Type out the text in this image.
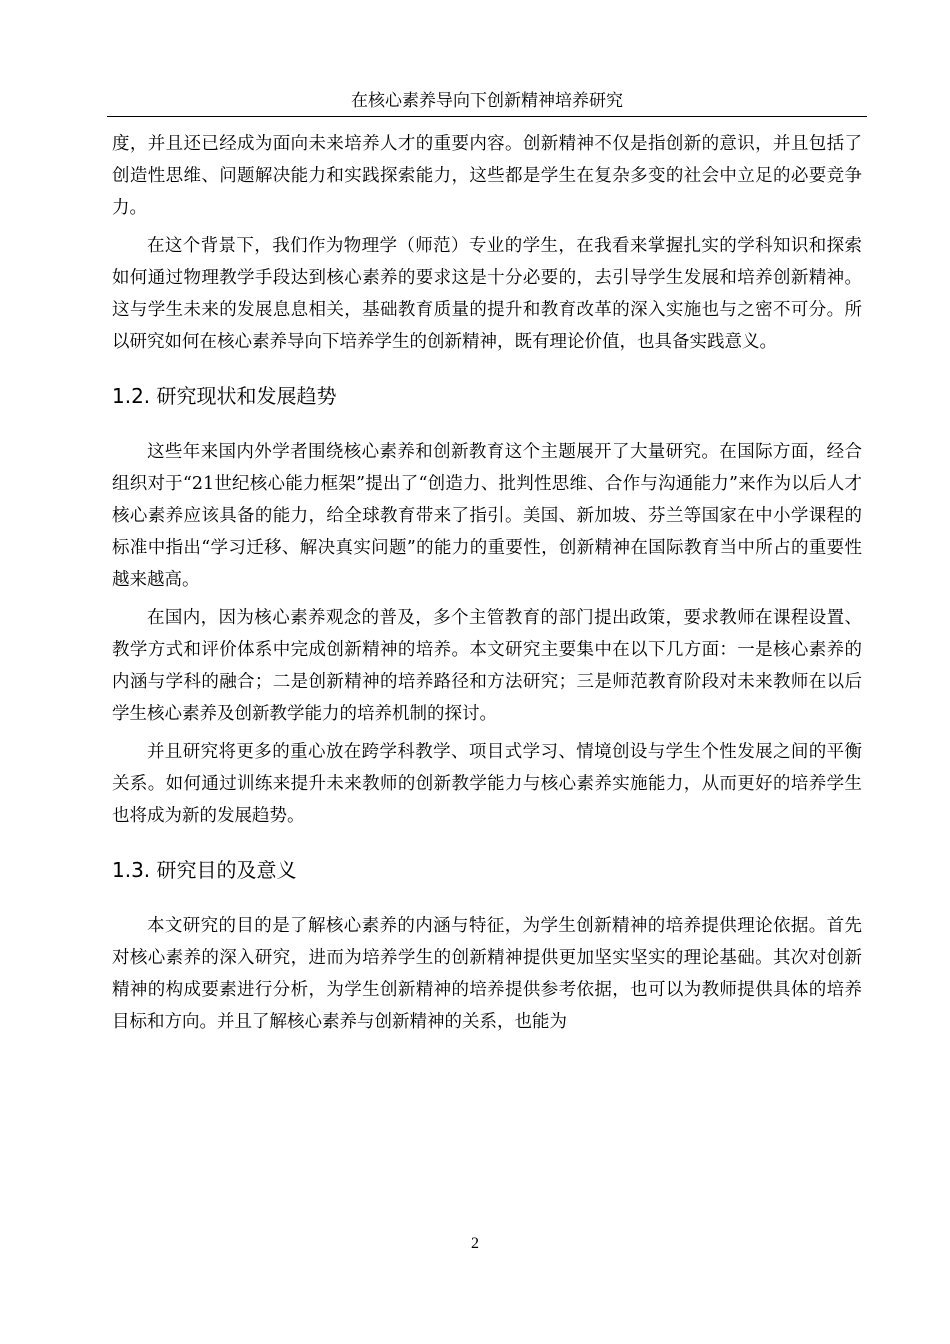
在核心素养导向下创新精神培养研究

度，并且还已经成为面向未来培养人才的重要内容。创新精神不仅是指创新的意识，并且包括了创造性思维、问题解决能力和实践探索能力，这些都是学生在复杂多变的社会中立足的必要竞争力。

在这个背景下，我们作为物理学（师范）专业的学生，在我看来掌握扎实的学科知识和探索如何通过物理教学手段达到核心素养的要求这是十分必要的，去引导学生发展和培养创新精神。这与学生未来的发展息息相关，基础教育质量的提升和教育改革的深入实施也与之密不可分。所以研究如何在核心素养导向下培养学生的创新精神，既有理论价值，也具备实践意义。

1.2. 研究现状和发展趋势

这些年来国内外学者围绕核心素养和创新教育这个主题展开了大量研究。在国际方面，经合组织对于“21世纪核心能力框架”提出了“创造力、批判性思维、合作与沟通能力”来作为以后人才核心素养应该具备的能力，给全球教育带来了指引。美国、新加坡、芬兰等国家在中小学课程的标准中指出“学习迁移、解决真实问题”的能力的重要性，创新精神在国际教育当中所占的重要性越来越高。

在国内，因为核心素养观念的普及，多个主管教育的部门提出政策，要求教师在课程设置、教学方式和评价体系中完成创新精神的培养。本文研究主要集中在以下几方面：一是核心素养的内涵与学科的融合；二是创新精神的培养路径和方法研究；三是师范教育阶段对未来教师在以后学生核心素养及创新教学能力的培养机制的探讨。

并且研究将更多的重心放在跨学科教学、项目式学习、情境创设与学生个性发展之间的平衡关系。如何通过训练来提升未来教师的创新教学能力与核心素养实施能力，从而更好的培养学生也将成为新的发展趋势。

1.3. 研究目的及意义

本文研究的目的是了解核心素养的内涵与特征，为学生创新精神的培养提供理论依据。首先对核心素养的深入研究，进而为培养学生的创新精神提供更加坚实坚实的理论基础。其次对创新精神的构成要素进行分析，为学生创新精神的培养提供参考依据，也可以为教师提供具体的培养目标和方向。并且了解核心素养与创新精神的关系，也能为

2
